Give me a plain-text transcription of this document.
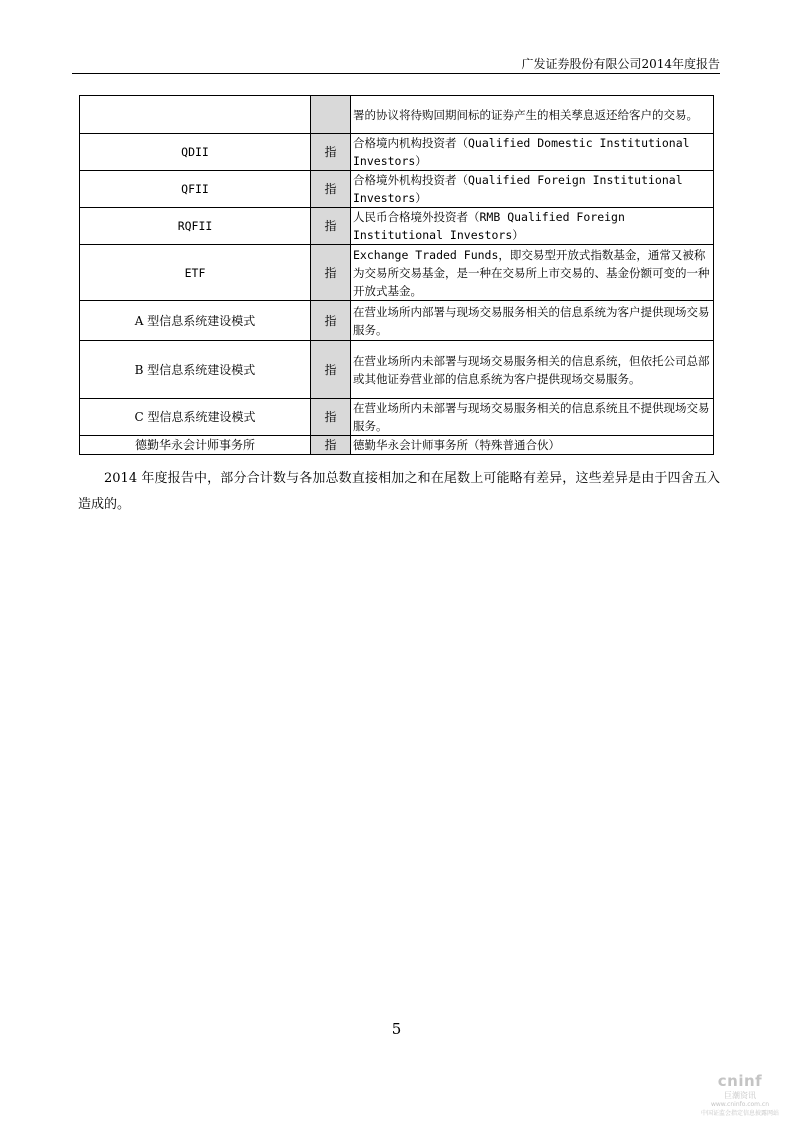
广发证券股份有限公司2014年度报告
		署的协议将待购回期间标的证券产生的相关孳息返还给客户的交易。
QDII	指	合格境内机构投资者（Qualified Domestic Institutional Investors）
QFII	指	合格境外机构投资者（Qualified Foreign Institutional Investors）
RQFII	指	人民币合格境外投资者（RMB Qualified Foreign Institutional Investors）
ETF	指	Exchange Traded Funds，即交易型开放式指数基金，通常又被称为交易所交易基金，是一种在交易所上市交易的、基金份额可变的一种开放式基金。
A 型信息系统建设模式	指	在营业场所内部署与现场交易服务相关的信息系统为客户提供现场交易服务。
B 型信息系统建设模式	指	在营业场所内未部署与现场交易服务相关的信息系统，但依托公司总部或其他证券营业部的信息系统为客户提供现场交易服务。
C 型信息系统建设模式	指	在营业场所内未部署与现场交易服务相关的信息系统且不提供现场交易服务。
德勤华永会计师事务所	指	德勤华永会计师事务所（特殊普通合伙）

2014 年度报告中，部分合计数与各加总数直接相加之和在尾数上可能略有差异，这些差异是由于四舍五入造成的。

5
cninf
巨潮资讯
www.cninfo.com.cn
中国证监会指定信息披露网站
